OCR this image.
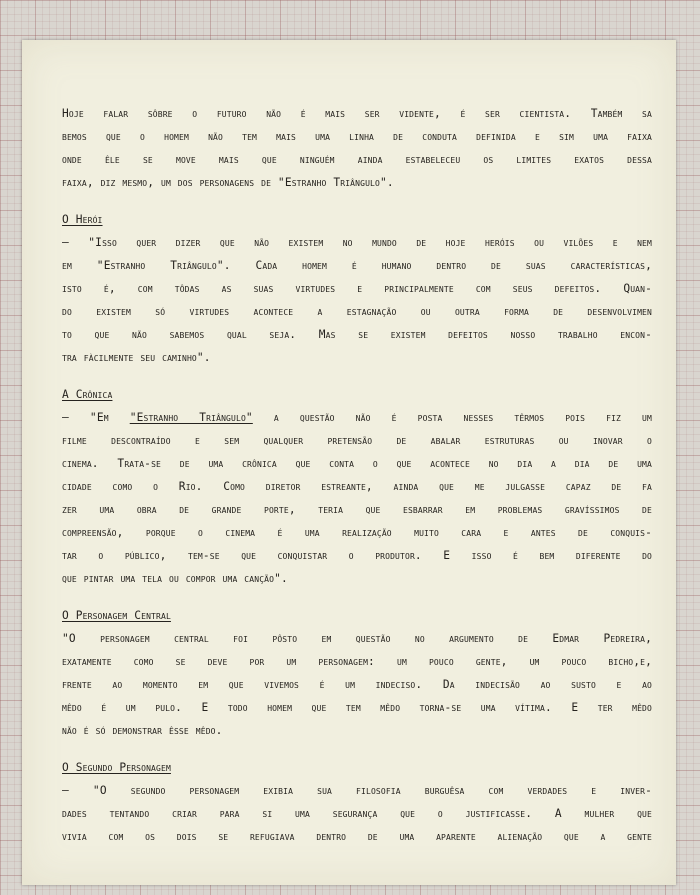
Hoje falar sôbre o futuro não é mais ser vidente, é ser cientista. Também sa
bemos que o homem não tem mais uma linha de conduta definida e sim uma faixa
onde êle se move mais que ninguém ainda estabeleceu os limites exatos dessa
faixa, diz mesmo, um dos personagens de "Estranho Triângulo".
O Herói
— "Isso quer dizer que não existem no mundo de hoje heróis ou vilões e nem
em "Estranho Triângulo". Cada homem é humano dentro de suas características,
isto é, com tôdas as suas virtudes e principalmente com seus defeitos. Quan-
do existem só virtudes acontece a estagnação ou outra forma de desenvolvimen
to que não sabemos qual seja. Mas se existem defeitos nosso trabalho encon-
tra fàcilmente seu caminho".
A Crônica
— "Em "Estranho Triângulo" a questão não é posta nesses têrmos pois fiz um
filme descontraído e sem qualquer pretensão de abalar estruturas ou inovar o
cinema. Trata-se de uma crônica que conta o que acontece no dia a dia de uma
cidade como o Rio. Como diretor estreante, ainda que me julgasse capaz de fa
zer uma obra de grande porte, teria que esbarrar em problemas gravíssimos de
compreensão, porque o cinema é uma realização muito cara e antes de conquis-
tar o público, tem-se que conquistar o produtor. E isso é bem diferente do
que pintar uma tela ou compor uma canção".
O Personagem Central
"O personagem central foi pôsto em questão no argumento de Edmar Pedreira,
exatamente como se deve por um personagem: um pouco gente, um pouco bicho,e,
frente ao momento em que vivemos é um indeciso. Da indecisão ao susto e ao
mêdo é um pulo. E todo homem que tem mêdo torna-se uma vítima. E ter mêdo
não é só demonstrar êsse mêdo.
O Segundo Personagem
— "O segundo personagem exibia sua filosofia burguêsa com verdades e inver-
dades tentando criar para si uma segurança que o justificasse. A mulher que
vivia com os dois se refugiava dentro de uma aparente alienação que a gente
